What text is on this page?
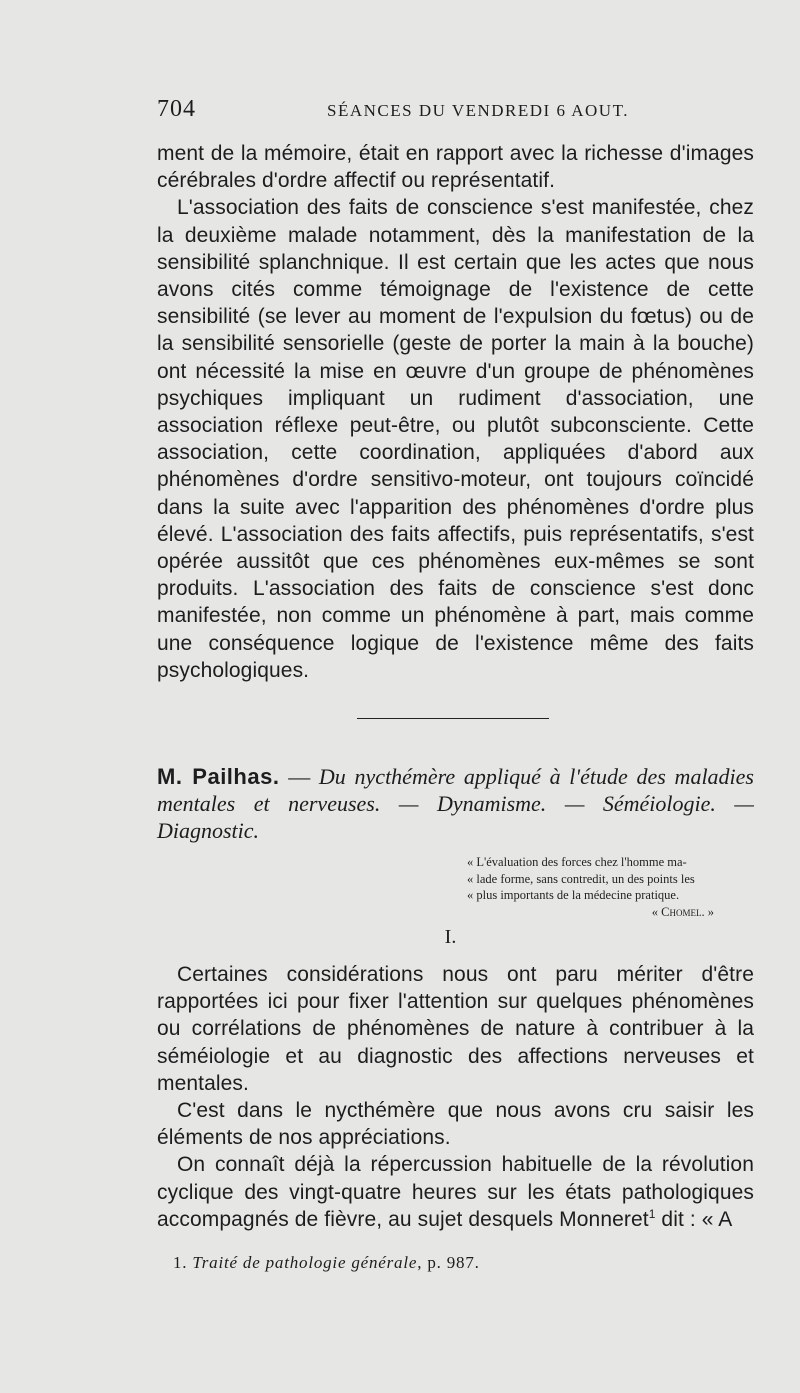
704	SÉANCES DU VENDREDI 6 AOUT.

ment de la mémoire, était en rapport avec la richesse d'images cérébrales d'ordre affectif ou représentatif.

L'association des faits de conscience s'est manifestée, chez la deuxième malade notamment, dès la manifestation de la sensibilité splanchnique. Il est certain que les actes que nous avons cités comme témoignage de l'existence de cette sensibilité (se lever au moment de l'expulsion du fœtus) ou de la sensibilité sensorielle (geste de porter la main à la bouche) ont nécessité la mise en œuvre d'un groupe de phénomènes psychiques impliquant un rudiment d'association, une association réflexe peut-être, ou plutôt subconsciente. Cette association, cette coordination, appliquées d'abord aux phénomènes d'ordre sensitivo-moteur, ont toujours coïncidé dans la suite avec l'apparition des phénomènes d'ordre plus élevé. L'association des faits affectifs, puis représentatifs, s'est opérée aussitôt que ces phénomènes eux-mêmes se sont produits. L'association des faits de conscience s'est donc manifestée, non comme un phénomène à part, mais comme une conséquence logique de l'existence même des faits psychologiques.

M. Pailhas. — Du nycthémère appliqué à l'étude des maladies mentales et nerveuses. — Dynamisme. — Séméiologie. — Diagnostic.
« L'évaluation des forces chez l'homme ma-
« lade forme, sans contredit, un des points les
« plus importants de la médecine pratique.
« Chomel. »
I.

Certaines considérations nous ont paru mériter d'être rapportées ici pour fixer l'attention sur quelques phénomènes ou corrélations de phénomènes de nature à contribuer à la séméiologie et au diagnostic des affections nerveuses et mentales.

C'est dans le nycthémère que nous avons cru saisir les éléments de nos appréciations.

On connaît déjà la répercussion habituelle de la révolution cyclique des vingt-quatre heures sur les états pathologiques accompagnés de fièvre, au sujet desquels Monneret$^1$ dit : « A

1. Traité de pathologie générale, p. 987.
